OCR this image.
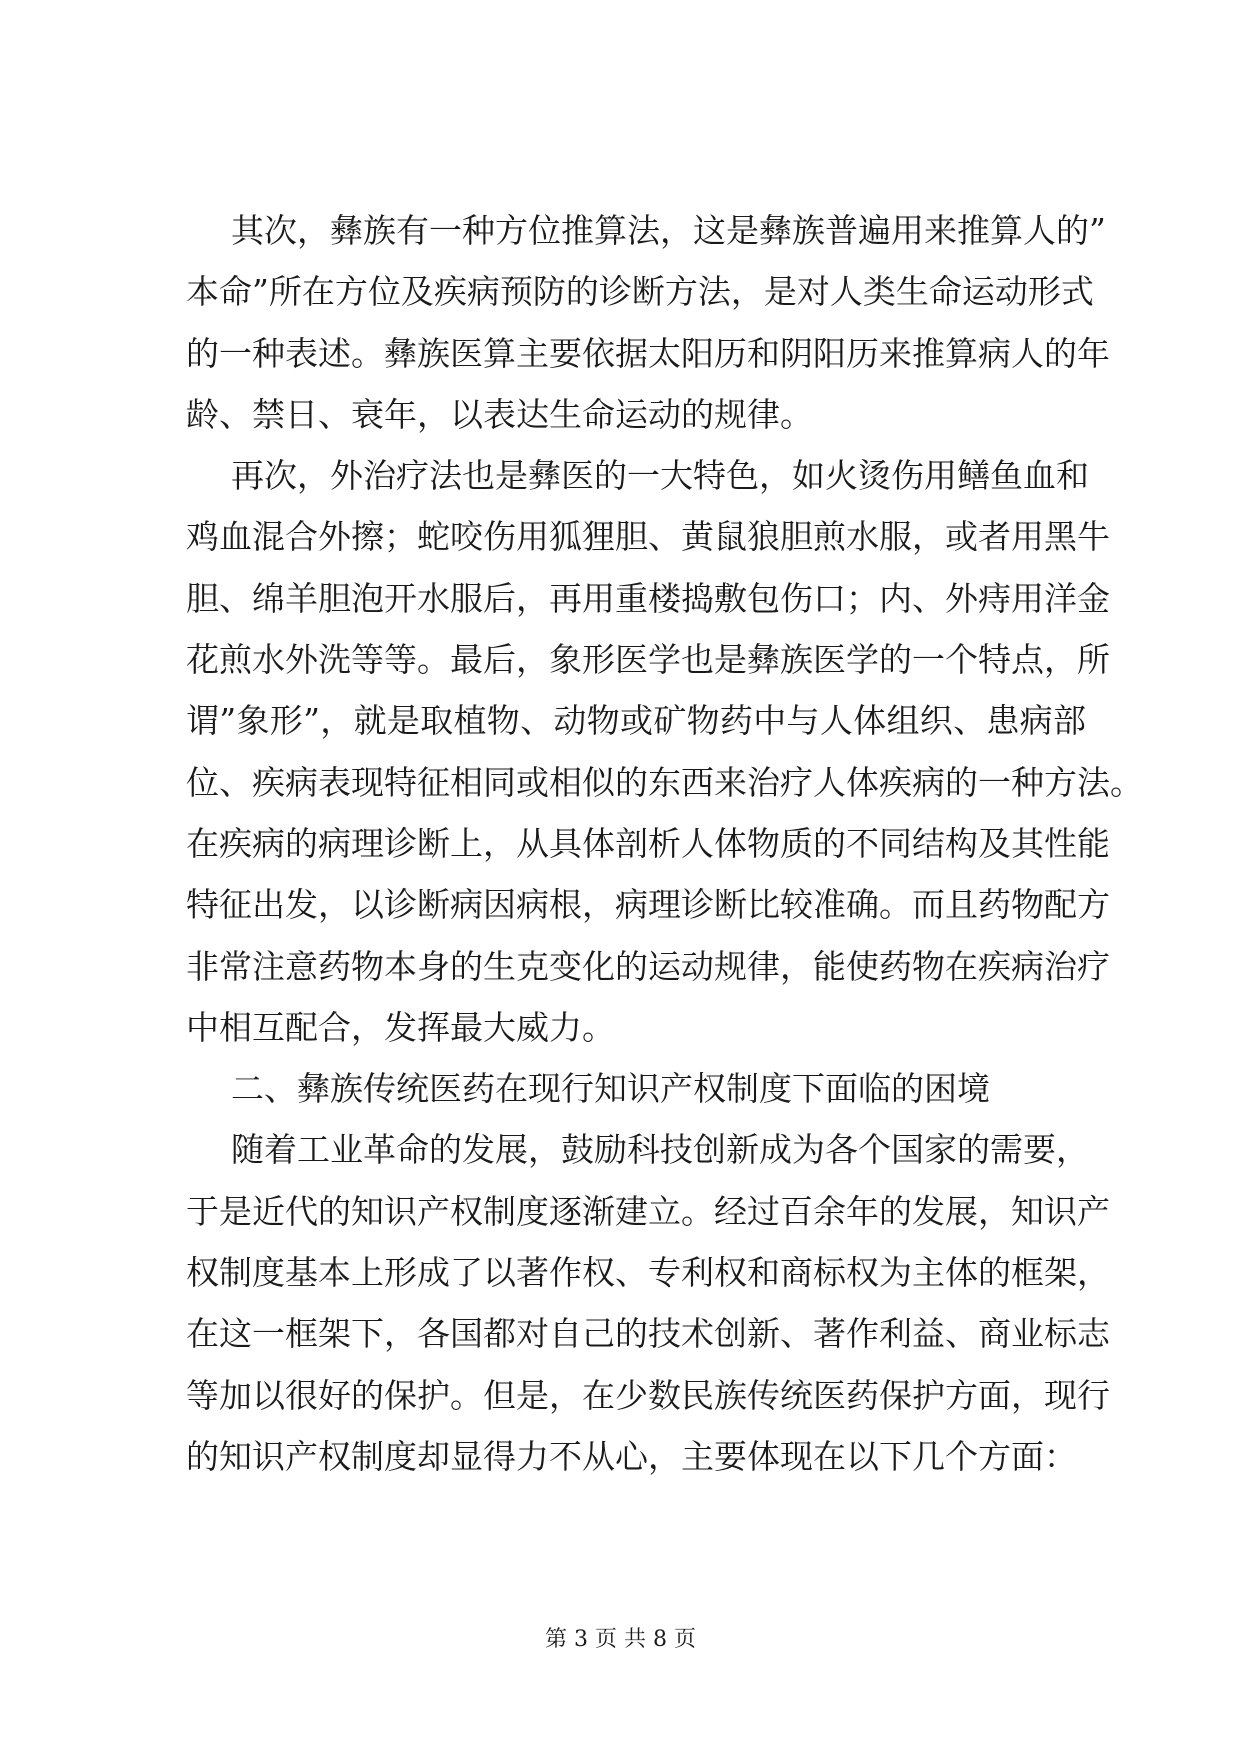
其次，彝族有一种方位推算法，这是彝族普遍用来推算人的”
本命”所在方位及疾病预防的诊断方法，是对人类生命运动形式
的一种表述。彝族医算主要依据太阳历和阴阳历来推算病人的年
龄、禁日、衰年，以表达生命运动的规律。
再次，外治疗法也是彝医的一大特色，如火烫伤用鳝鱼血和
鸡血混合外擦；蛇咬伤用狐狸胆、黄鼠狼胆煎水服，或者用黑牛
胆、绵羊胆泡开水服后，再用重楼捣敷包伤口；内、外痔用洋金
花煎水外洗等等。最后，象形医学也是彝族医学的一个特点，所
谓”象形”，就是取植物、动物或矿物药中与人体组织、患病部
位、疾病表现特征相同或相似的东西来治疗人体疾病的一种方法。
在疾病的病理诊断上，从具体剖析人体物质的不同结构及其性能
特征出发，以诊断病因病根，病理诊断比较准确。而且药物配方
非常注意药物本身的生克变化的运动规律，能使药物在疾病治疗
中相互配合，发挥最大威力。
二、彝族传统医药在现行知识产权制度下面临的困境
随着工业革命的发展，鼓励科技创新成为各个国家的需要，
于是近代的知识产权制度逐渐建立。经过百余年的发展，知识产
权制度基本上形成了以著作权、专利权和商标权为主体的框架，
在这一框架下，各国都对自己的技术创新、著作利益、商业标志
等加以很好的保护。但是，在少数民族传统医药保护方面，现行
的知识产权制度却显得力不从心，主要体现在以下几个方面：
第 3 页 共 8 页
